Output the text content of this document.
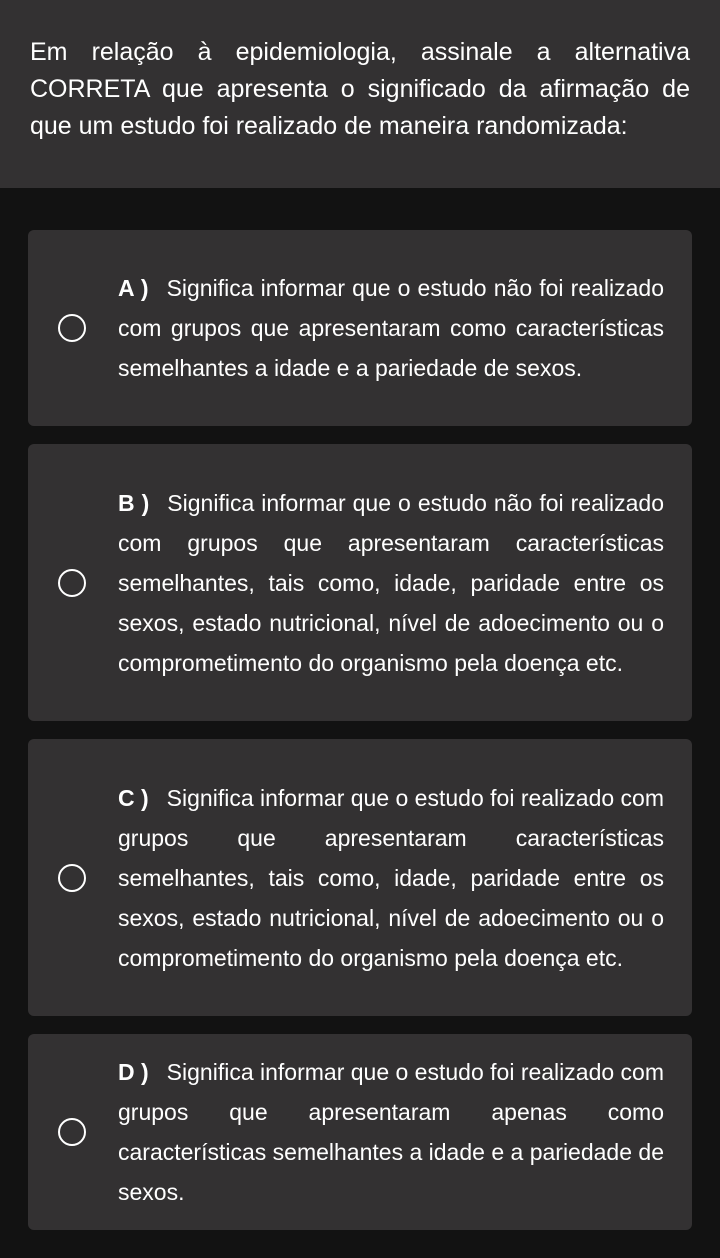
Em relação à epidemiologia, assinale a alternativa CORRETA que apresenta o significado da afirmação de que um estudo foi realizado de maneira randomizada:
A ) Significa informar que o estudo não foi realizado com grupos que apresentaram como características semelhantes a idade e a pariedade de sexos.
B ) Significa informar que o estudo não foi realizado com grupos que apresentaram características semelhantes, tais como, idade, paridade entre os sexos, estado nutricional, nível de adoecimento ou o comprometimento do organismo pela doença etc.
C ) Significa informar que o estudo foi realizado com grupos que apresentaram características semelhantes, tais como, idade, paridade entre os sexos, estado nutricional, nível de adoecimento ou o comprometimento do organismo pela doença etc.
D ) Significa informar que o estudo foi realizado com grupos que apresentaram apenas como características semelhantes a idade e a pariedade de sexos.
